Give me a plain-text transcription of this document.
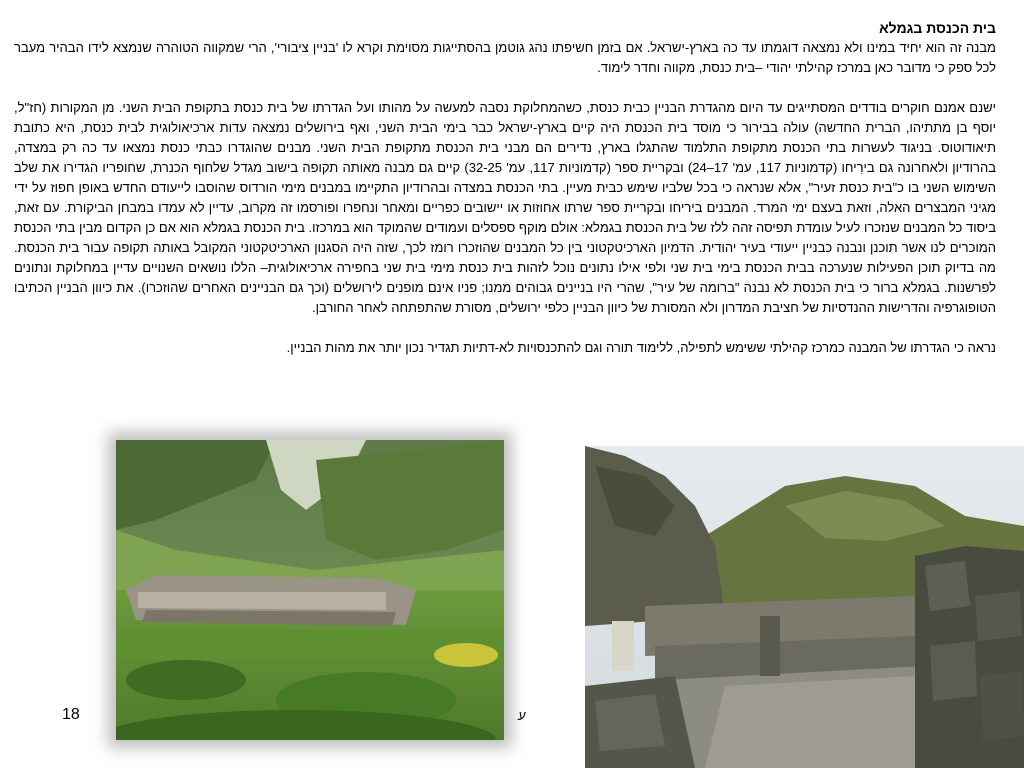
בית הכנסת בגמלא

מבנה זה הוא יחיד במינו ולא נמצאה דוגמתו עד כה בארץ-ישראל. אם בזמן חשיפתו נהג גוטמן בהסתייגות מסוימת וקרא לו 'בניין ציבורי', הרי שמקווה הטוהרה שנמצא לידו הבהיר מעבר לכל ספק כי מדובר כאן במרכז קהילתי יהודי –בית כנסת, מקווה וחדר לימוד.

ישנם אמנם חוקרים בודדים המסתייגים עד היום מהגדרת הבניין כבית כנסת, כשהמחלוקת נסבה למעשה על מהותו ועל הגדרתו של בית כנסת בתקופת הבית השני. מן המקורות (חז"ל, יוסף בן מתתיהו, הברית החדשה) עולה בבירור כי מוסד בית הכנסת היה קיים בארץ-ישראל כבר בימי הבית השני, ואף בירושלים נמצאה עדות ארכיאולוגית לבית כנסת, היא כתובת תיאודוטוס. בניגוד לעשרות בתי הכנסת מתקופת התלמוד שהתגלו בארץ, נדירים הם מבני בית הכנסת מתקופת הבית השני. מבנים שהוגדרו כבתי כנסת נמצאו עד כה רק במצדה, בהרודיון ולאחרונה גם בירִיחו (קדמוניות 117, עמ' 17–24) ובקריית ספר (קדמוניות 117, עמ' 32-25) קיים גם מבנה מאותה תקופה בישוב מגדל שלחוף הכנרת, שחופריו הגדירו את שלב השימוש השני בו כ"בית כנסת זעיר", אלא שנראה כי בכל שלביו שימש כבית מעיין. בתי הכנסת במצדה ובהרודיון התקיימו במבנים מימי הורדוס שהוסבו לייעודם החדש באופן חפוז על ידי מגיני המבצרים האלה, וזאת בעצם ימי המרד. המבנים ביריחו ובקריית ספר שרתו אחוזות או יישובים כפריים ומאחר ונחפרו ופורסמו זה מקרוב, עדיין לא עמדו במבחן הביקורת. עם זאת, ביסוד כל המבנים שנזכרו לעיל עומדת תפיסה זהה ללז של בית הכנסת בגמלא: אולם מוקף ספסלים ועמודים שהמוקד הוא במרכזו. בית הכנסת בגמלא הוא אם כן הקדום מבין בתי הכנסת המוכרים לנו אשר תוכנן ונבנה כבניין ייעודי בעיר יהודית. הדמיון הארכיטקטוני בין כל המבנים שהוזכרו רומז לכך, שזה היה הסגנון הארכיטקטוני המקובל באותה תקופה עבור בית הכנסת. מה בדיוק תוכן הפעילות שנערכה בבית הכנסת בימי בית שני ולפי אילו נתונים נוכל לזהות בית כנסת מימי בית שני בחפירה ארכיאולוגית– הללו נושאים השנויים עדיין במחלוקת ונתונים לפרשנות. בגמלא ברור כי בית הכנסת לא נבנה "ברומה של עיר", שהרי היו בניינים גבוהים ממנו; פניו אינם מופנים לירושלים (וכך גם הבניינים האחרים שהוזכרו). את כיוון הבניין הכתיבו הטופוגרפיה והדרישות ההנדסיות של חציבת המדרון ולא המסורת של כיוון הבניין כלפי ירושלים, מסורת שהתפתחה לאחר החורבן.

נראה כי הגדרתו של המבנה כמרכז קהילתי ששימש לתפילה, ללימוד תורה וגם להתכנסויות לא-דתיות תגדיר נכון יותר את מהות הבניין.

18	ע
